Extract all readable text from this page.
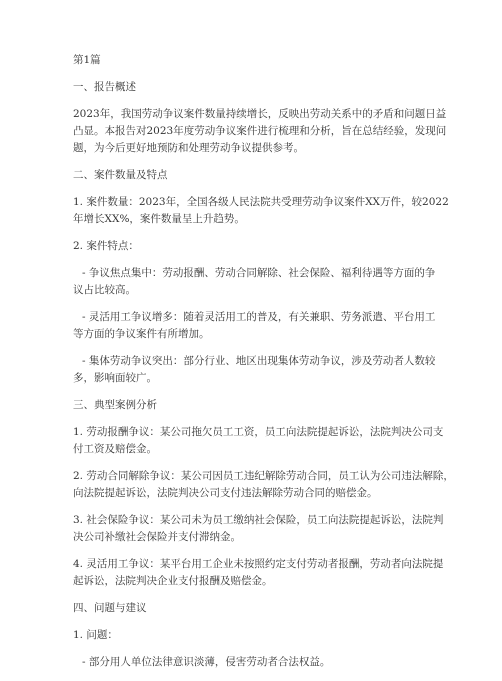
第1篇

一、报告概述

2023年，我国劳动争议案件数量持续增长，反映出劳动关系中的矛盾和问题日益

凸显。本报告对2023年度劳动争议案件进行梳理和分析，旨在总结经验，发现问

题，为今后更好地预防和处理劳动争议提供参考。

二、案件数量及特点

1. 案件数量：2023年，全国各级人民法院共受理劳动争议案件XX万件，较2022

年增长XX%，案件数量呈上升趋势。

2. 案件特点：

- 争议焦点集中：劳动报酬、劳动合同解除、社会保险、福利待遇等方面的争

议占比较高。

- 灵活用工争议增多：随着灵活用工的普及，有关兼职、劳务派遣、平台用工

等方面的争议案件有所增加。

- 集体劳动争议突出：部分行业、地区出现集体劳动争议，涉及劳动者人数较

多，影响面较广。

三、典型案例分析

1. 劳动报酬争议：某公司拖欠员工工资，员工向法院提起诉讼，法院判决公司支

付工资及赔偿金。

2. 劳动合同解除争议：某公司因员工违纪解除劳动合同，员工认为公司违法解除，

向法院提起诉讼，法院判决公司支付违法解除劳动合同的赔偿金。

3. 社会保险争议：某公司未为员工缴纳社会保险，员工向法院提起诉讼，法院判

决公司补缴社会保险并支付滞纳金。

4. 灵活用工争议：某平台用工企业未按照约定支付劳动者报酬，劳动者向法院提

起诉讼，法院判决企业支付报酬及赔偿金。

四、问题与建议

1. 问题：

- 部分用人单位法律意识淡薄，侵害劳动者合法权益。
